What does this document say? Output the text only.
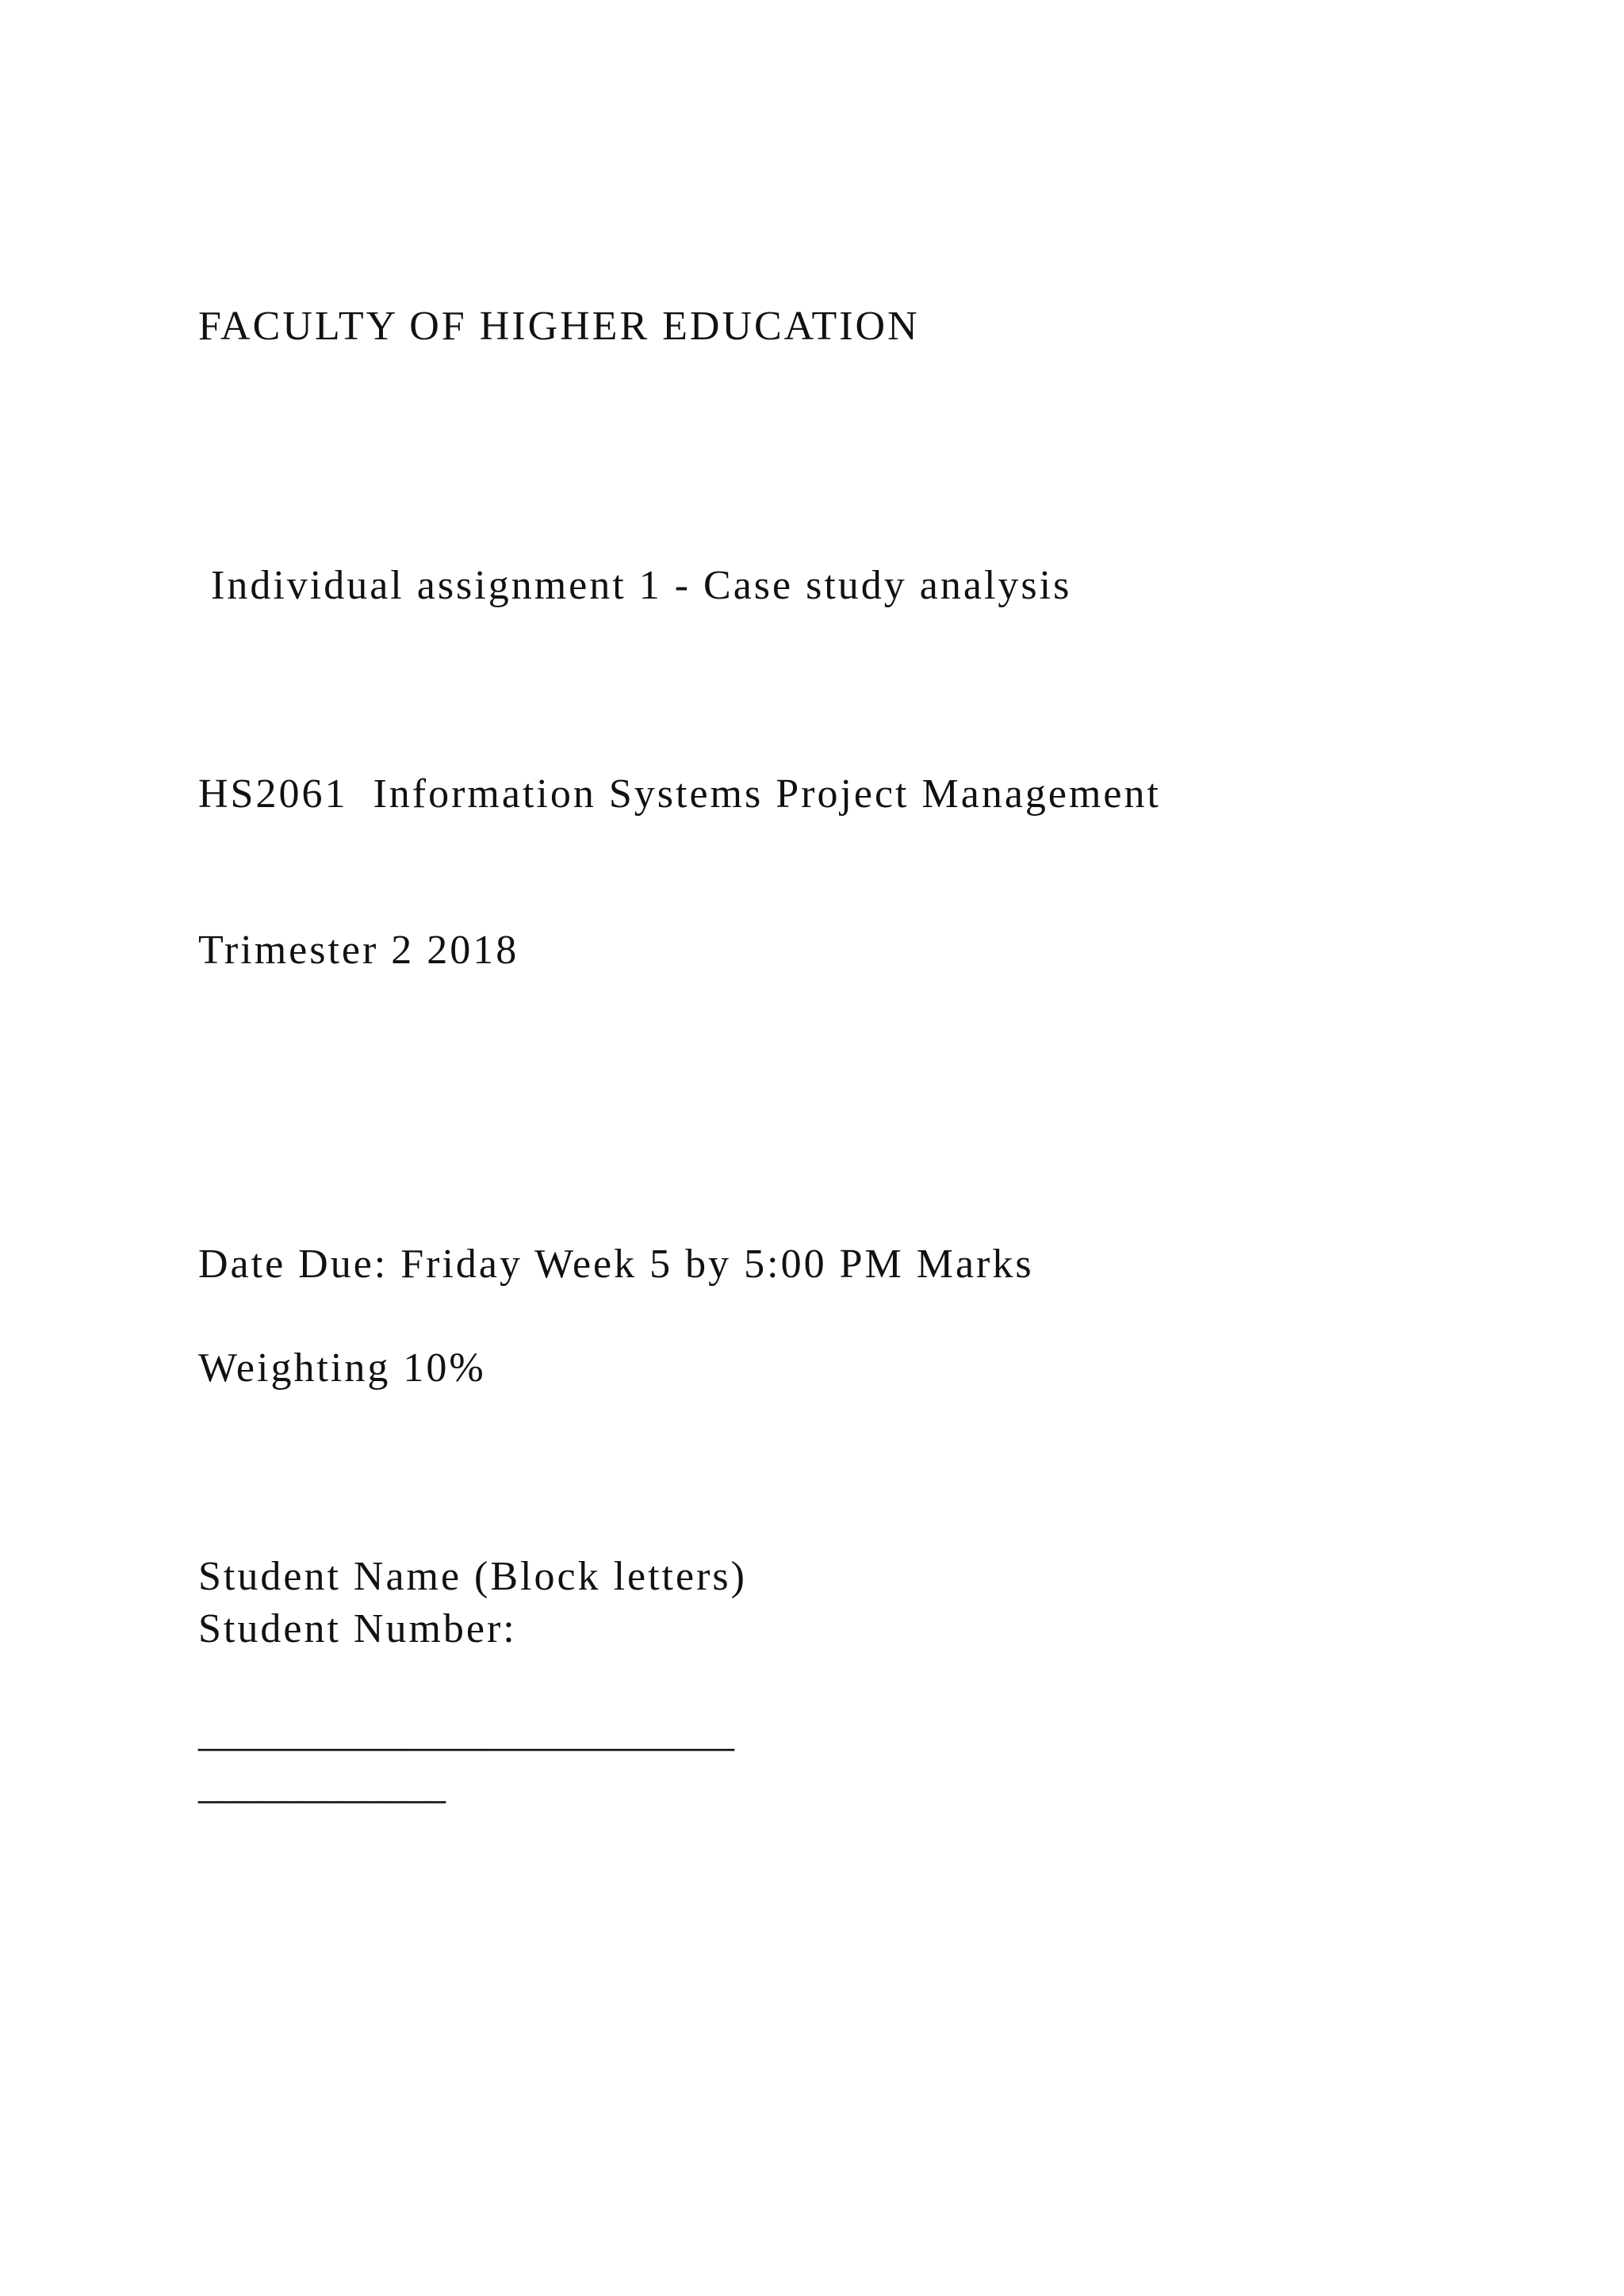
FACULTY OF HIGHER EDUCATION

Individual assignment 1 - Case study analysis

HS2061  Information Systems Project Management

Trimester 2 2018

Date Due: Friday Week 5 by 5:00 PM Marks

Weighting 10%

Student Name (Block letters)

Student Number:

__________________________

____________
